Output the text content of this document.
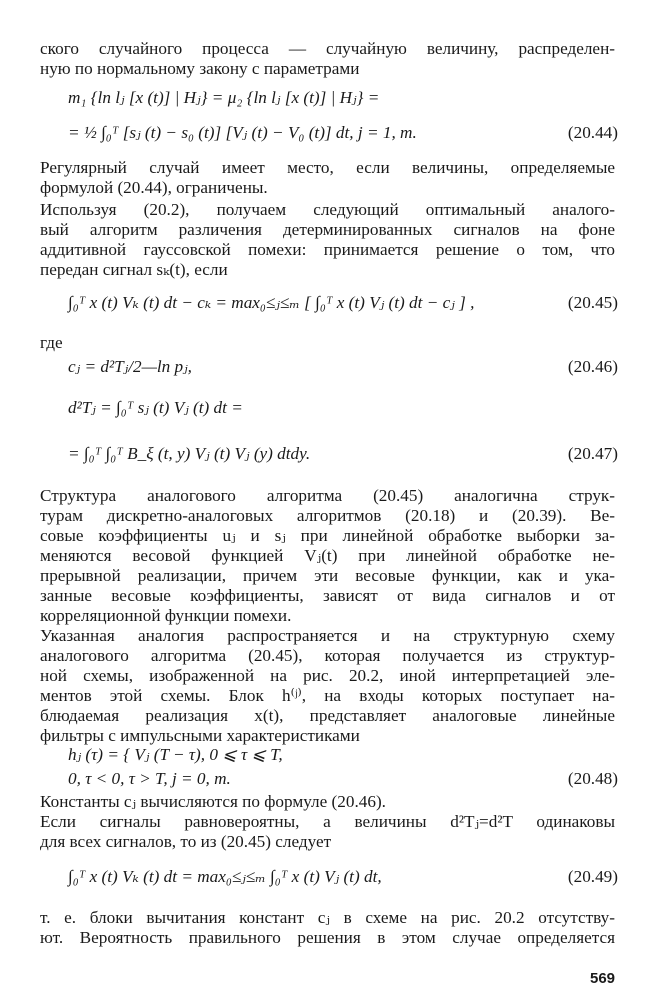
569
ского случайного процесса — случайную величину, распределен-
ную по нормальному закону с параметрами
m₁ {ln lⱼ [x (t)] | Hⱼ} = μ₂ {ln lⱼ [x (t)] | Hⱼ} =
= ½ ∫₀ᵀ [sⱼ (t) − s₀ (t)] [Vⱼ (t) − V₀ (t)] dt, j = 1, m.	(20.44)
Регулярный случай имеет место, если величины, определяемые
формулой (20.44), ограничены.
Используя (20.2), получаем следующий оптимальный аналого-
вый алгоритм различения детерминированных сигналов на фоне
аддитивной гауссовской помехи: принимается решение о том, что
передан сигнал sₖ(t), если
∫₀ᵀ x (t) Vₖ (t) dt − cₖ = max₀≤ⱼ≤ₘ [ ∫₀ᵀ x (t) Vⱼ (t) dt − cⱼ ] ,	(20.45)
где
cⱼ = d²Tⱼ/2—ln pⱼ,	(20.46)
d²Tⱼ = ∫₀ᵀ sⱼ (t) Vⱼ (t) dt =
= ∫₀ᵀ ∫₀ᵀ B_ξ (t, y) Vⱼ (t) Vⱼ (y) dtdy.	(20.47)
Структура аналогового алгоритма (20.45) аналогична струк-
турам дискретно-аналоговых алгоритмов (20.18) и (20.39). Ве-
совые коэффициенты uⱼ и sⱼ при линейной обработке выборки за-
меняются весовой функцией Vⱼ(t) при линейной обработке не-
прерывной реализации, причем эти весовые функции, как и ука-
занные весовые коэффициенты, зависят от вида сигналов и от
корреляционной функции помехи.
Указанная аналогия распространяется и на структурную схему
аналогового алгоритма (20.45), которая получается из структур-
ной схемы, изображенной на рис. 20.2, иной интерпретацией эле-
ментов этой схемы. Блок h⁽ʲ⁾, на входы которых поступает на-
блюдаемая реализация x(t), представляет аналоговые линейные
фильтры с импульсными характеристиками
hⱼ (τ) = { Vⱼ (T − τ), 0 ⩽ τ ⩽ T,
0, τ < 0, τ > T, j = 0, m.	(20.48)
Константы cⱼ вычисляются по формуле (20.46).
Если сигналы равновероятны, а величины d²Tⱼ=d²T одинаковы
для всех сигналов, то из (20.45) следует
∫₀ᵀ x (t) Vₖ (t) dt = max₀≤ⱼ≤ₘ ∫₀ᵀ x (t) Vⱼ (t) dt,	(20.49)
т. е. блоки вычитания констант cⱼ в схеме на рис. 20.2 отсутству-
ют. Вероятность правильного решения в этом случае определяется
